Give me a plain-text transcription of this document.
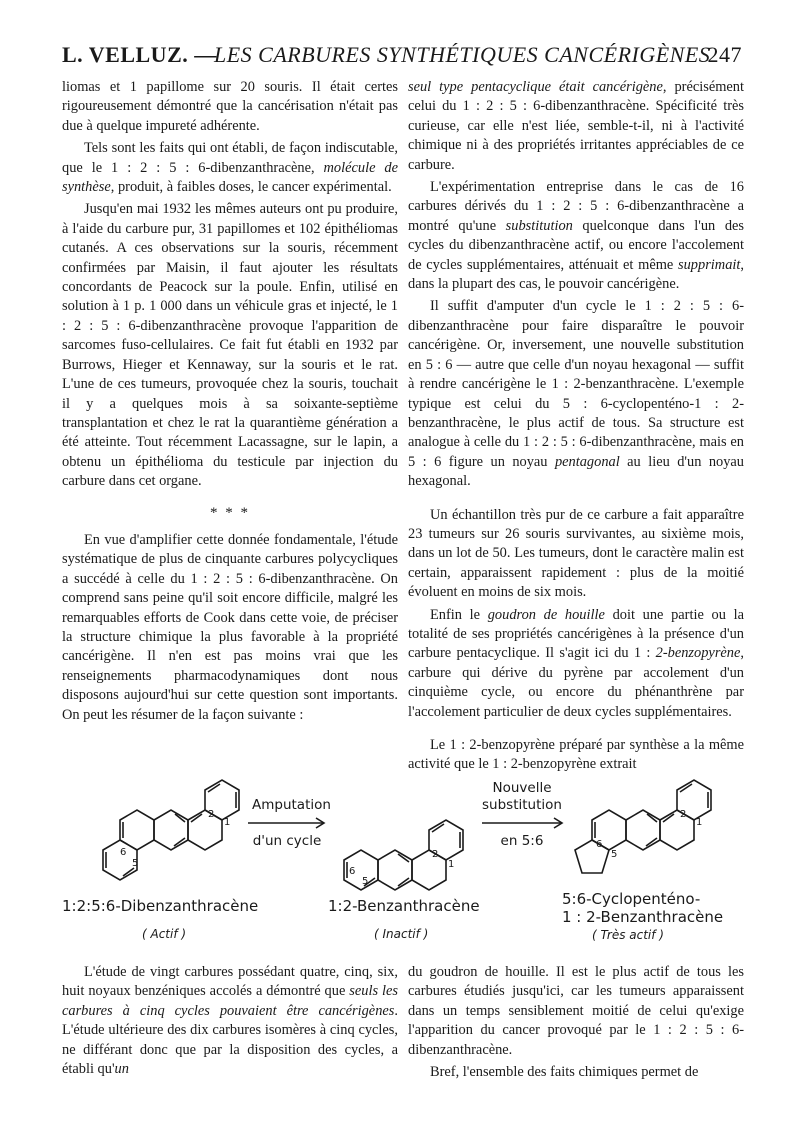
L. VELLUZ. —
LES CARBURES SYNTHÉTIQUES CANCÉRIGÈNES
247

liomas et 1 papillome sur 20 souris. Il était certes rigoureusement démontré que la cancérisation n'était pas due à quelque impureté adhérente.

Tels sont les faits qui ont établi, de façon indiscutable, que le 1 : 2 : 5 : 6-dibenzanthracène, molécule de synthèse, produit, à faibles doses, le cancer expérimental.

Jusqu'en mai 1932 les mêmes auteurs ont pu produire, à l'aide du carbure pur, 31 papillomes et 102 épithéliomas cutanés. A ces observations sur la souris, récemment confirmées par Maisin, il faut ajouter les résultats concordants de Peacock sur la poule. Enfin, utilisé en solution à 1 p. 1 000 dans un véhicule gras et injecté, le 1 : 2 : 5 : 6-dibenzanthracène provoque l'apparition de sarcomes fuso-cellulaires. Ce fait fut établi en 1932 par Burrows, Hieger et Kennaway, sur la souris et le rat. L'une de ces tumeurs, provoquée chez la souris, touchait il y a quelques mois à sa soixante-septième transplantation et chez le rat la quarantième génération a été atteinte. Tout récemment Lacassagne, sur le lapin, a obtenu un épithélioma du testicule par injection du carbure dans cet organe.

* * *

En vue d'amplifier cette donnée fondamentale, l'étude systématique de plus de cinquante carbures polycycliques a succédé à celle du 1 : 2 : 5 : 6-dibenzanthracène. On comprend sans peine qu'il soit encore difficile, malgré les remarquables efforts de Cook dans cette voie, de préciser la structure chimique la plus favorable à la propriété cancérigène. Il n'en est pas moins vrai que les renseignements pharmacodynamiques dont nous disposons aujourd'hui sur cette question sont importants. On peut les résumer de la façon suivante :

seul type pentacyclique était cancérigène, précisément celui du 1 : 2 : 5 : 6-dibenzanthracène. Spécificité très curieuse, car elle n'est liée, semble-t-il, ni à l'activité chimique ni à des propriétés irritantes appréciables de ce carbure.

L'expérimentation entreprise dans le cas de 16 carbures dérivés du 1 : 2 : 5 : 6-dibenzanthracène a montré qu'une substitution quelconque dans l'un des cycles du dibenzanthracène actif, ou encore l'accolement de cycles supplémentaires, atténuait et même supprimait, dans la plupart des cas, le pouvoir cancérigène.

Il suffit d'amputer d'un cycle le 1 : 2 : 5 : 6-dibenzanthracène pour faire disparaître le pouvoir cancérigène. Or, inversement, une nouvelle substitution en 5 : 6 — autre que celle d'un noyau hexagonal — suffit à rendre cancérigène le 1 : 2-benzanthracène. L'exemple typique est celui du 5 : 6-cyclopenténo-1 : 2-benzanthracène, le plus actif de tous. Sa structure est analogue à celle du 1 : 2 : 5 : 6-dibenzanthracène, mais en 5 : 6 figure un noyau pentagonal au lieu d'un noyau hexagonal.

Un échantillon très pur de ce carbure a fait apparaître 23 tumeurs sur 26 souris survivantes, au sixième mois, dans un lot de 50. Les tumeurs, dont le caractère malin est certain, apparaissent rapidement : plus de la moitié évoluent en moins de six mois.

Enfin le goudron de houille doit une partie ou la totalité de ses propriétés cancérigènes à la présence d'un carbure pentacyclique. Il s'agit ici du 1 : 2-benzopyrène, carbure qui dérive du pyrène par accolement d'un cinquième cycle, ou encore du phénanthrène par l'accolement particulier de deux cycles supplémentaires.

Le 1 : 2-benzopyrène préparé par synthèse a la même activité que le 1 : 2-benzopyrène extrait

2
1
6
5
2
1
6
5
2
1
6
5
Amputation
d'un cycle
Nouvelle
substitution
en 5:6
1:2:5:6-Dibenzanthracène
( Actif )
1:2-Benzanthracène
( Inactif )
5:6-Cyclopenténo-
1 : 2-Benzanthracène
( Très actif )

L'étude de vingt carbures possédant quatre, cinq, six, huit noyaux benzéniques accolés a démontré que seuls les carbures à cinq cycles pouvaient être cancérigènes. L'étude ultérieure des dix carbures isomères à cinq cycles, ne différant donc que par la disposition des cycles, a établi qu'un

du goudron de houille. Il est le plus actif de tous les carbures étudiés jusqu'ici, car les tumeurs apparaissent dans un temps sensiblement moitié de celui qu'exige l'apparition du cancer provoqué par le 1 : 2 : 5 : 6-dibenzanthracène.

Bref, l'ensemble des faits chimiques permet de
